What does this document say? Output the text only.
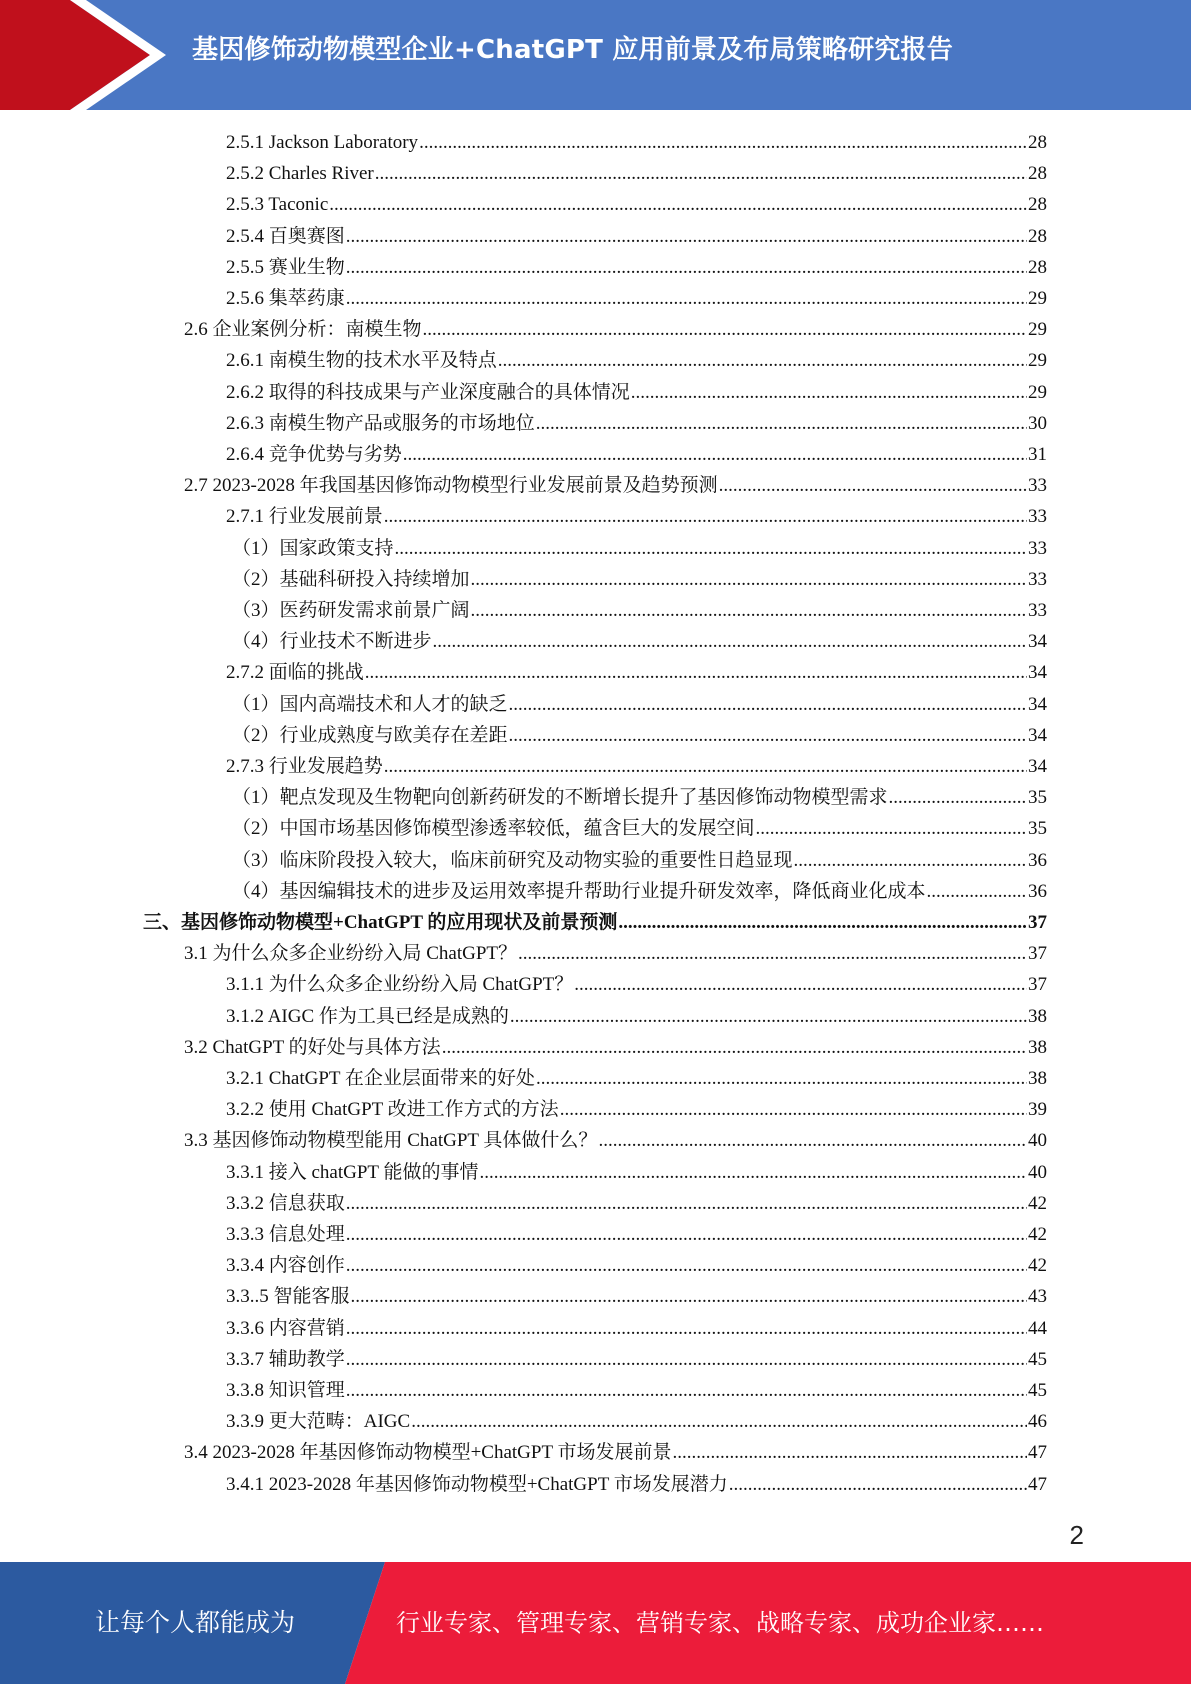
基因修饰动物模型企业+ChatGPT 应用前景及布局策略研究报告
2.5.1 Jackson Laboratory .....	28
2.5.2 Charles River .....	28
2.5.3 Taconic .....	28
2.5.4 百奥赛图 .....	28
2.5.5 赛业生物 .....	28
2.5.6 集萃药康 .....	29
2.6 企业案例分析：南模生物 .....	29
2.6.1 南模生物的技术水平及特点 .....	29
2.6.2 取得的科技成果与产业深度融合的具体情况 .....	29
2.6.3 南模生物产品或服务的市场地位 .....	30
2.6.4 竞争优势与劣势 .....	31
2.7 2023-2028 年我国基因修饰动物模型行业发展前景及趋势预测 .....	33
2.7.1 行业发展前景 .....	33
（1）国家政策支持 .....	33
（2）基础科研投入持续增加 .....	33
（3）医药研发需求前景广阔 .....	33
（4）行业技术不断进步 .....	34
2.7.2 面临的挑战 .....	34
（1）国内高端技术和人才的缺乏 .....	34
（2）行业成熟度与欧美存在差距 .....	34
2.7.3 行业发展趋势 .....	34
（1）靶点发现及生物靶向创新药研发的不断增长提升了基因修饰动物模型需求 .....	35
（2）中国市场基因修饰模型渗透率较低，蕴含巨大的发展空间 .....	35
（3）临床阶段投入较大，临床前研究及动物实验的重要性日趋显现 .....	36
（4）基因编辑技术的进步及运用效率提升帮助行业提升研发效率，降低商业化成本 .....	36
三、基因修饰动物模型+ChatGPT 的应用现状及前景预测 .....	37
3.1 为什么众多企业纷纷入局 ChatGPT？ .....	37
3.1.1 为什么众多企业纷纷入局 ChatGPT？ .....	37
3.1.2 AIGC 作为工具已经是成熟的 .....	38
3.2 ChatGPT 的好处与具体方法 .....	38
3.2.1 ChatGPT 在企业层面带来的好处 .....	38
3.2.2 使用 ChatGPT 改进工作方式的方法 .....	39
3.3 基因修饰动物模型能用 ChatGPT 具体做什么？ .....	40
3.3.1 接入 chatGPT 能做的事情 .....	40
3.3.2 信息获取 .....	42
3.3.3 信息处理 .....	42
3.3.4 内容创作 .....	42
3.3..5 智能客服 .....	43
3.3.6 内容营销 .....	44
3.3.7 辅助教学 .....	45
3.3.8 知识管理 .....	45
3.3.9 更大范畴：AIGC .....	46
3.4 2023-2028 年基因修饰动物模型+ChatGPT 市场发展前景 .....	47
3.4.1 2023-2028 年基因修饰动物模型+ChatGPT 市场发展潜力 .....	47
2
让每个人都能成为	行业专家、管理专家、营销专家、战略专家、成功企业家……
